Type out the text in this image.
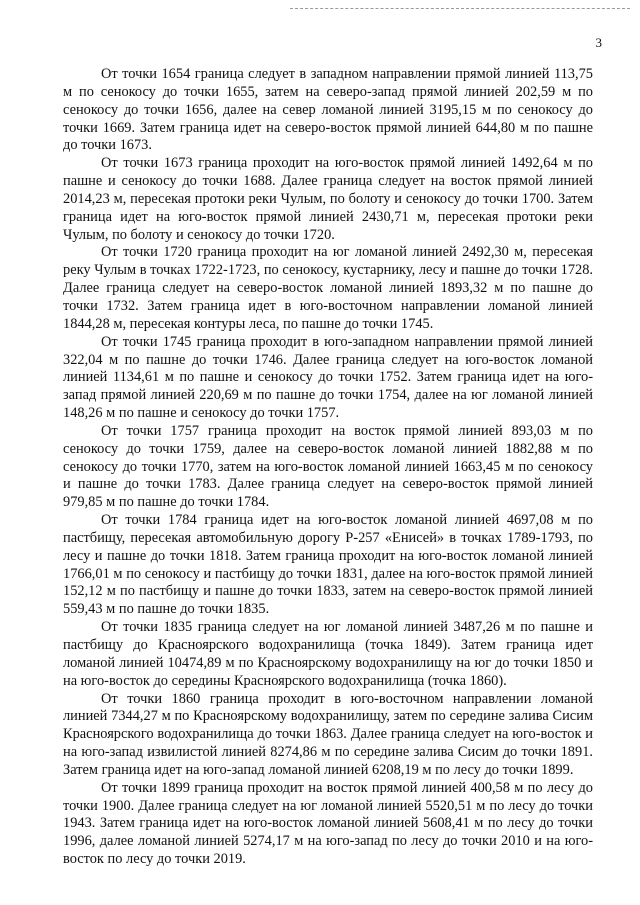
3

От точки 1654 граница следует в западном направлении прямой линией 113,75 м по сенокосу до точки 1655, затем на северо-запад прямой линией 202,59 м по сенокосу до точки 1656, далее на север ломаной линией 3195,15 м по сенокосу до точки 1669. Затем граница идет на северо-восток прямой линией 644,80 м по пашне до точки 1673.

От точки 1673 граница проходит на юго-восток прямой линией 1492,64 м по пашне и сенокосу до точки 1688. Далее граница следует на восток прямой линией 2014,23 м, пересекая протоки реки Чулым, по болоту и сенокосу до точки 1700. Затем граница идет на юго-восток прямой линией 2430,71 м, пересекая протоки реки Чулым, по болоту и сенокосу до точки 1720.

От точки 1720 граница проходит на юг ломаной линией 2492,30 м, пересекая реку Чулым в точках 1722-1723, по сенокосу, кустарнику, лесу и пашне до точки 1728. Далее граница следует на северо-восток ломаной линией 1893,32 м по пашне до точки 1732. Затем граница идет в юго-восточном направлении ломаной линией 1844,28 м, пересекая контуры леса, по пашне до точки 1745.

От точки 1745 граница проходит в юго-западном направлении прямой линией 322,04 м по пашне до точки 1746. Далее граница следует на юго-восток ломаной линией 1134,61 м по пашне и сенокосу до точки 1752. Затем граница идет на юго-запад прямой линией 220,69 м по пашне до точки 1754, далее на юг ломаной линией 148,26 м по пашне и сенокосу до точки 1757.

От точки 1757 граница проходит на восток прямой линией 893,03 м по сенокосу до точки 1759, далее на северо-восток ломаной линией 1882,88 м по сенокосу до точки 1770, затем на юго-восток ломаной линией 1663,45 м по сенокосу и пашне до точки 1783. Далее граница следует на северо-восток прямой линией 979,85 м по пашне до точки 1784.

От точки 1784 граница идет на юго-восток ломаной линией 4697,08 м по пастбищу, пересекая автомобильную дорогу Р-257 «Енисей» в точках 1789-1793, по лесу и пашне до точки 1818. Затем граница проходит на юго-восток ломаной линией 1766,01 м по сенокосу и пастбищу до точки 1831, далее на юго-восток прямой линией 152,12 м по пастбищу и пашне до точки 1833, затем на северо-восток прямой линией 559,43 м по пашне до точки 1835.

От точки 1835 граница следует на юг ломаной линией 3487,26 м по пашне и пастбищу до Красноярского водохранилища (точка 1849). Затем граница идет ломаной линией 10474,89 м по Красноярскому водохранилищу на юг до точки 1850 и на юго-восток до середины Красноярского водохранилища (точка 1860).

От точки 1860 граница проходит в юго-восточном направлении ломаной линией 7344,27 м по Красноярскому водохранилищу, затем по середине залива Сисим Красноярского водохранилища до точки 1863. Далее граница следует на юго-восток и на юго-запад извилистой линией 8274,86 м по середине залива Сисим до точки 1891. Затем граница идет на юго-запад ломаной линией 6208,19 м по лесу до точки 1899.

От точки 1899 граница проходит на восток прямой линией 400,58 м по лесу до точки 1900. Далее граница следует на юг ломаной линией 5520,51 м по лесу до точки 1943. Затем граница идет на юго-восток ломаной линией 5608,41 м по лесу до точки 1996, далее ломаной линией 5274,17 м на юго-запад по лесу до точки 2010 и на юго-восток по лесу до точки 2019.
